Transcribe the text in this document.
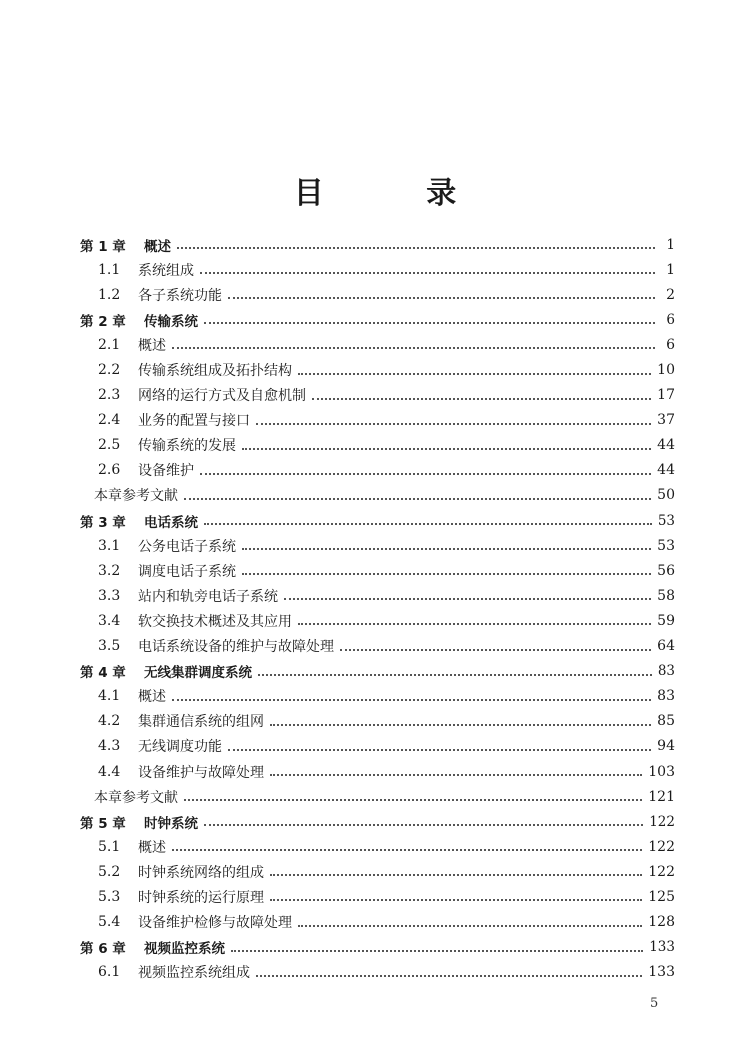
目 录
第 1 章	概述	1
1.1	系统组成	1
1.2	各子系统功能	2
第 2 章	传输系统	6
2.1	概述	6
2.2	传输系统组成及拓扑结构	10
2.3	网络的运行方式及自愈机制	17
2.4	业务的配置与接口	37
2.5	传输系统的发展	44
2.6	设备维护	44
本章参考文献	50
第 3 章	电话系统	53
3.1	公务电话子系统	53
3.2	调度电话子系统	56
3.3	站内和轨旁电话子系统	58
3.4	软交换技术概述及其应用	59
3.5	电话系统设备的维护与故障处理	64
第 4 章	无线集群调度系统	83
4.1	概述	83
4.2	集群通信系统的组网	85
4.3	无线调度功能	94
4.4	设备维护与故障处理	103
本章参考文献	121
第 5 章	时钟系统	122
5.1	概述	122
5.2	时钟系统网络的组成	122
5.3	时钟系统的运行原理	125
5.4	设备维护检修与故障处理	128
第 6 章	视频监控系统	133
6.1	视频监控系统组成	133
5
